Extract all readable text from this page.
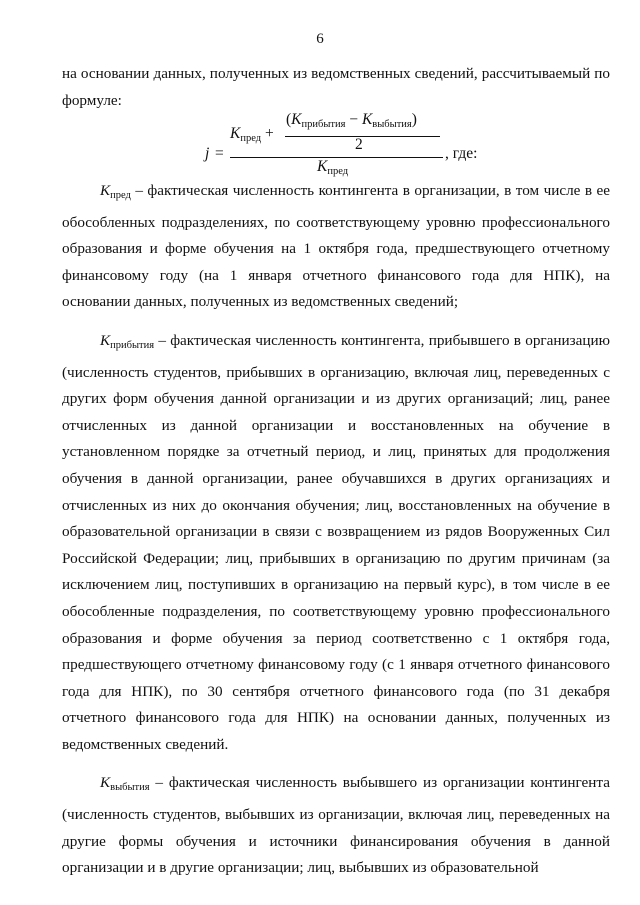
6
на основании данных, полученных из ведомственных сведений, рассчитываемый по формуле:
j =
$K_{пред}$ +
$(K_{прибытия} - K_{выбытия})$
2
$K_{пред}$
, где:

$K_{пред}$ – фактическая численность контингента в организации, в том числе в ее обособленных подразделениях, по соответствующему уровню профессионального образования и форме обучения на 1 октября года, предшествующего отчетному финансовому году (на 1 января отчетного финансового года для НПК), на основании данных, полученных из ведомственных сведений;

$K_{прибытия}$ – фактическая численность контингента, прибывшего в организацию (численность студентов, прибывших в организацию, включая лиц, переведенных с других форм обучения данной организации и из других организаций; лиц, ранее отчисленных из данной организации и восстановленных на обучение в установленном порядке за отчетный период, и лиц, принятых для продолжения обучения в данной организации, ранее обучавшихся в других организациях и отчисленных из них до окончания обучения; лиц, восстановленных на обучение в образовательной организации в связи с возвращением из рядов Вооруженных Сил Российской Федерации; лиц, прибывших в организацию по другим причинам (за исключением лиц, поступивших в организацию на первый курс), в том числе в ее обособленные подразделения, по соответствующему уровню профессионального образования и форме обучения за период соответственно с 1 октября года, предшествующего отчетному финансовому году (с 1 января отчетного финансового года для НПК), по 30 сентября отчетного финансового года (по 31 декабря отчетного финансового года для НПК) на основании данных, полученных из ведомственных сведений.

$K_{выбытия}$ – фактическая численность выбывшего из организации контингента (численность студентов, выбывших из организации, включая лиц, переведенных на другие формы обучения и источники финансирования обучения в данной организации и в другие организации; лиц, выбывших из образовательной
